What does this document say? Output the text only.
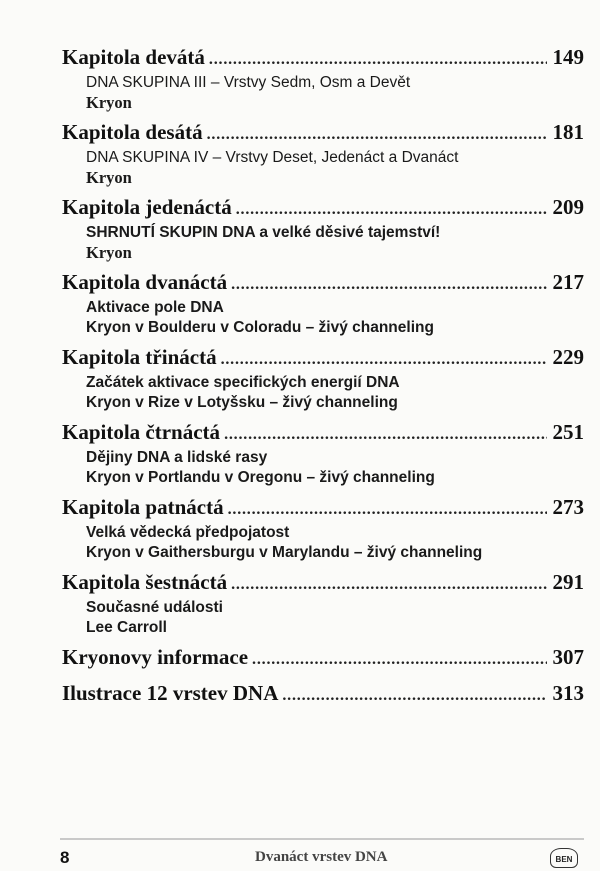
Kapitola devátá . . .	149
DNA SKUPINA III – Vrstvy Sedm, Osm a Devět
Kryon
Kapitola desátá . . .	181
DNA SKUPINA IV – Vrstvy Deset, Jedenáct a Dvanáct
Kryon
Kapitola jedenáctá . . .	209
SHRNUTÍ SKUPIN DNA a velké děsivé tajemství!
Kryon
Kapitola dvanáctá . . .	217
Aktivace pole DNA
Kryon v Boulderu v Coloradu – živý channeling
Kapitola třináctá . . .	229
Začátek aktivace specifických energií DNA
Kryon v Rize v Lotyšsku – živý channeling
Kapitola čtrnáctá . . .	251
Dějiny DNA a lidské rasy
Kryon v Portlandu v Oregonu – živý channeling
Kapitola patnáctá . . .	273
Velká vědecká předpojatost
Kryon v Gaithersburgu v Marylandu – živý channeling
Kapitola šestnáctá . . .	291
Současné události
Lee Carroll
Kryonovy informace . . .	307
Ilustrace 12 vrstev DNA . . .	313
8	Dvanáct vrstev DNA	BEN
